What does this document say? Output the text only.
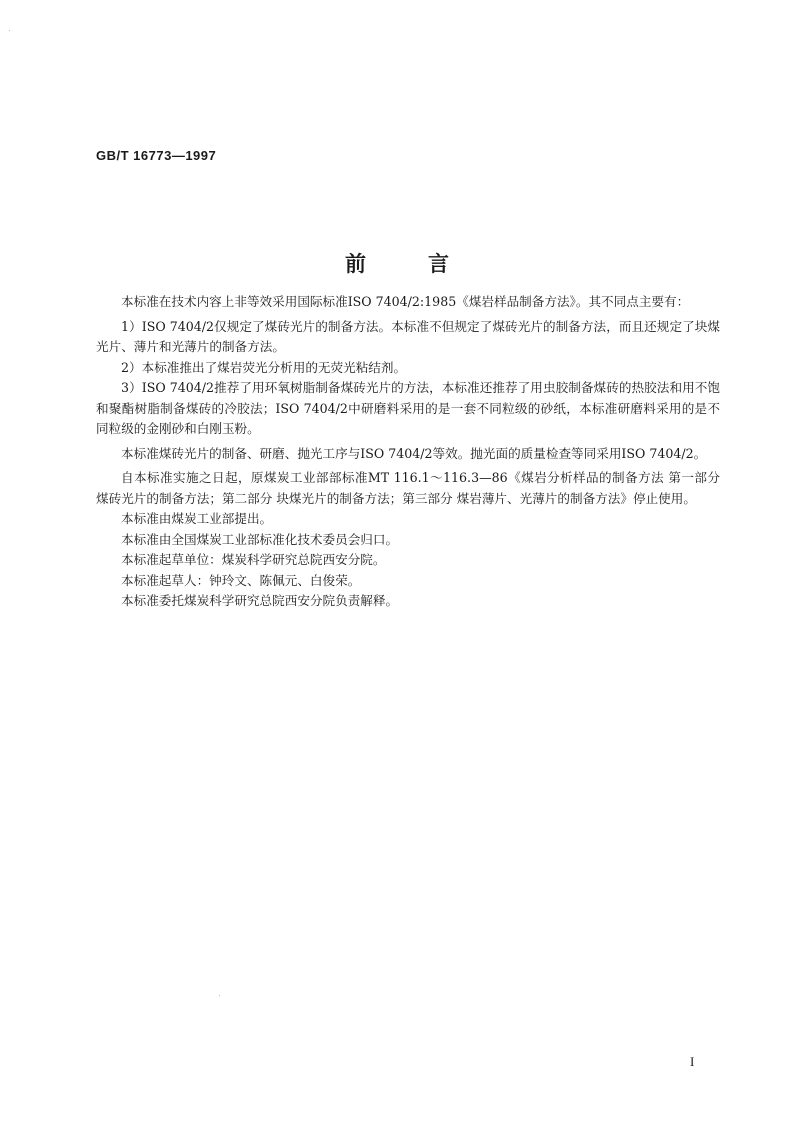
GB/T 16773—1997
前言

本标准在技术内容上非等效采用国际标准ISO 7404/2:1985《煤岩样品制备方法》。其不同点主要有：

1）ISO 7404/2仅规定了煤砖光片的制备方法。本标准不但规定了煤砖光片的制备方法，而且还规定了块煤光片、薄片和光薄片的制备方法。

2）本标准推出了煤岩荧光分析用的无荧光粘结剂。

3）ISO 7404/2推荐了用环氧树脂制备煤砖光片的方法，本标准还推荐了用虫胶制备煤砖的热胶法和用不饱和聚酯树脂制备煤砖的冷胶法；ISO 7404/2中研磨料采用的是一套不同粒级的砂纸，本标准研磨料采用的是不同粒级的金刚砂和白刚玉粉。

本标准煤砖光片的制备、研磨、抛光工序与ISO 7404/2等效。抛光面的质量检查等同采用ISO 7404/2。

自本标准实施之日起，原煤炭工业部部标准MT 116.1～116.3—86《煤岩分析样品的制备方法 第一部分 煤砖光片的制备方法；第二部分 块煤光片的制备方法；第三部分 煤岩薄片、光薄片的制备方法》停止使用。

本标准由煤炭工业部提出。

本标准由全国煤炭工业部标准化技术委员会归口。

本标准起草单位：煤炭科学研究总院西安分院。

本标准起草人：钟玲文、陈佩元、白俊荣。

本标准委托煤炭科学研究总院西安分院负责解释。

I
